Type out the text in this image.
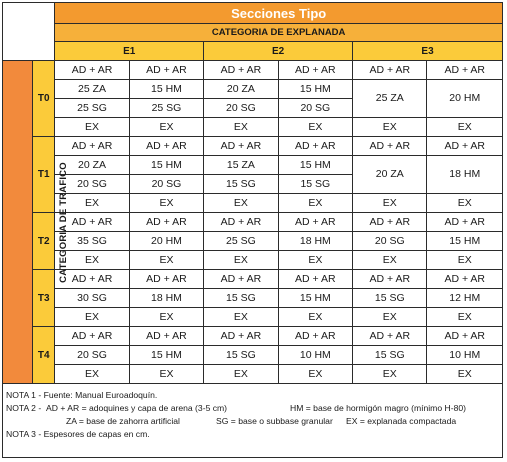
		Secciones Tipo					
		CATEGORIA DE EXPLANADA					
		E1		E2		E3	
CATEGORIA DE TRAFICO	T0	AD + AR	AD + AR	AD + AR	AD + AR	AD + AR	AD + AR
		25 ZA	15 HM	20 ZA	15 HM	25 ZA	20 HM
		25 SG	25 SG	20 SG	20 SG		
		EX	EX	EX	EX	EX	EX
	T1	AD + AR	AD + AR	AD + AR	AD + AR	AD + AR	AD + AR
		20 ZA	15 HM	15 ZA	15 HM	20 ZA	18 HM
		20 SG	20 SG	15 SG	15 SG		
		EX	EX	EX	EX	EX	EX
	T2	AD + AR	AD + AR	AD + AR	AD + AR	AD + AR	AD + AR
		35 SG	20 HM	25 SG	18 HM	20 SG	15 HM
		EX	EX	EX	EX	EX	EX
	T3	AD + AR	AD + AR	AD + AR	AD + AR	AD + AR	AD + AR
		30 SG	18 HM	15 SG	15 HM	15 SG	12 HM
		EX	EX	EX	EX	EX	EX
	T4	AD + AR	AD + AR	AD + AR	AD + AR	AD + AR	AD + AR
		20 SG	15 HM	15 SG	10 HM	15 SG	10 HM
		EX	EX	EX	EX	EX	EX
NOTA 1 - Fuente: Manual Euroadoquín.
NOTA 2 - AD + AR = adoquines y capa de arena (3-5 cm)	HM = base de hormigón magro (mínimo H-80)
ZA = base de zahorra artificial	SG = base o subbase granular EX = explanada compactada
NOTA 3 - Espesores de capas en cm.
